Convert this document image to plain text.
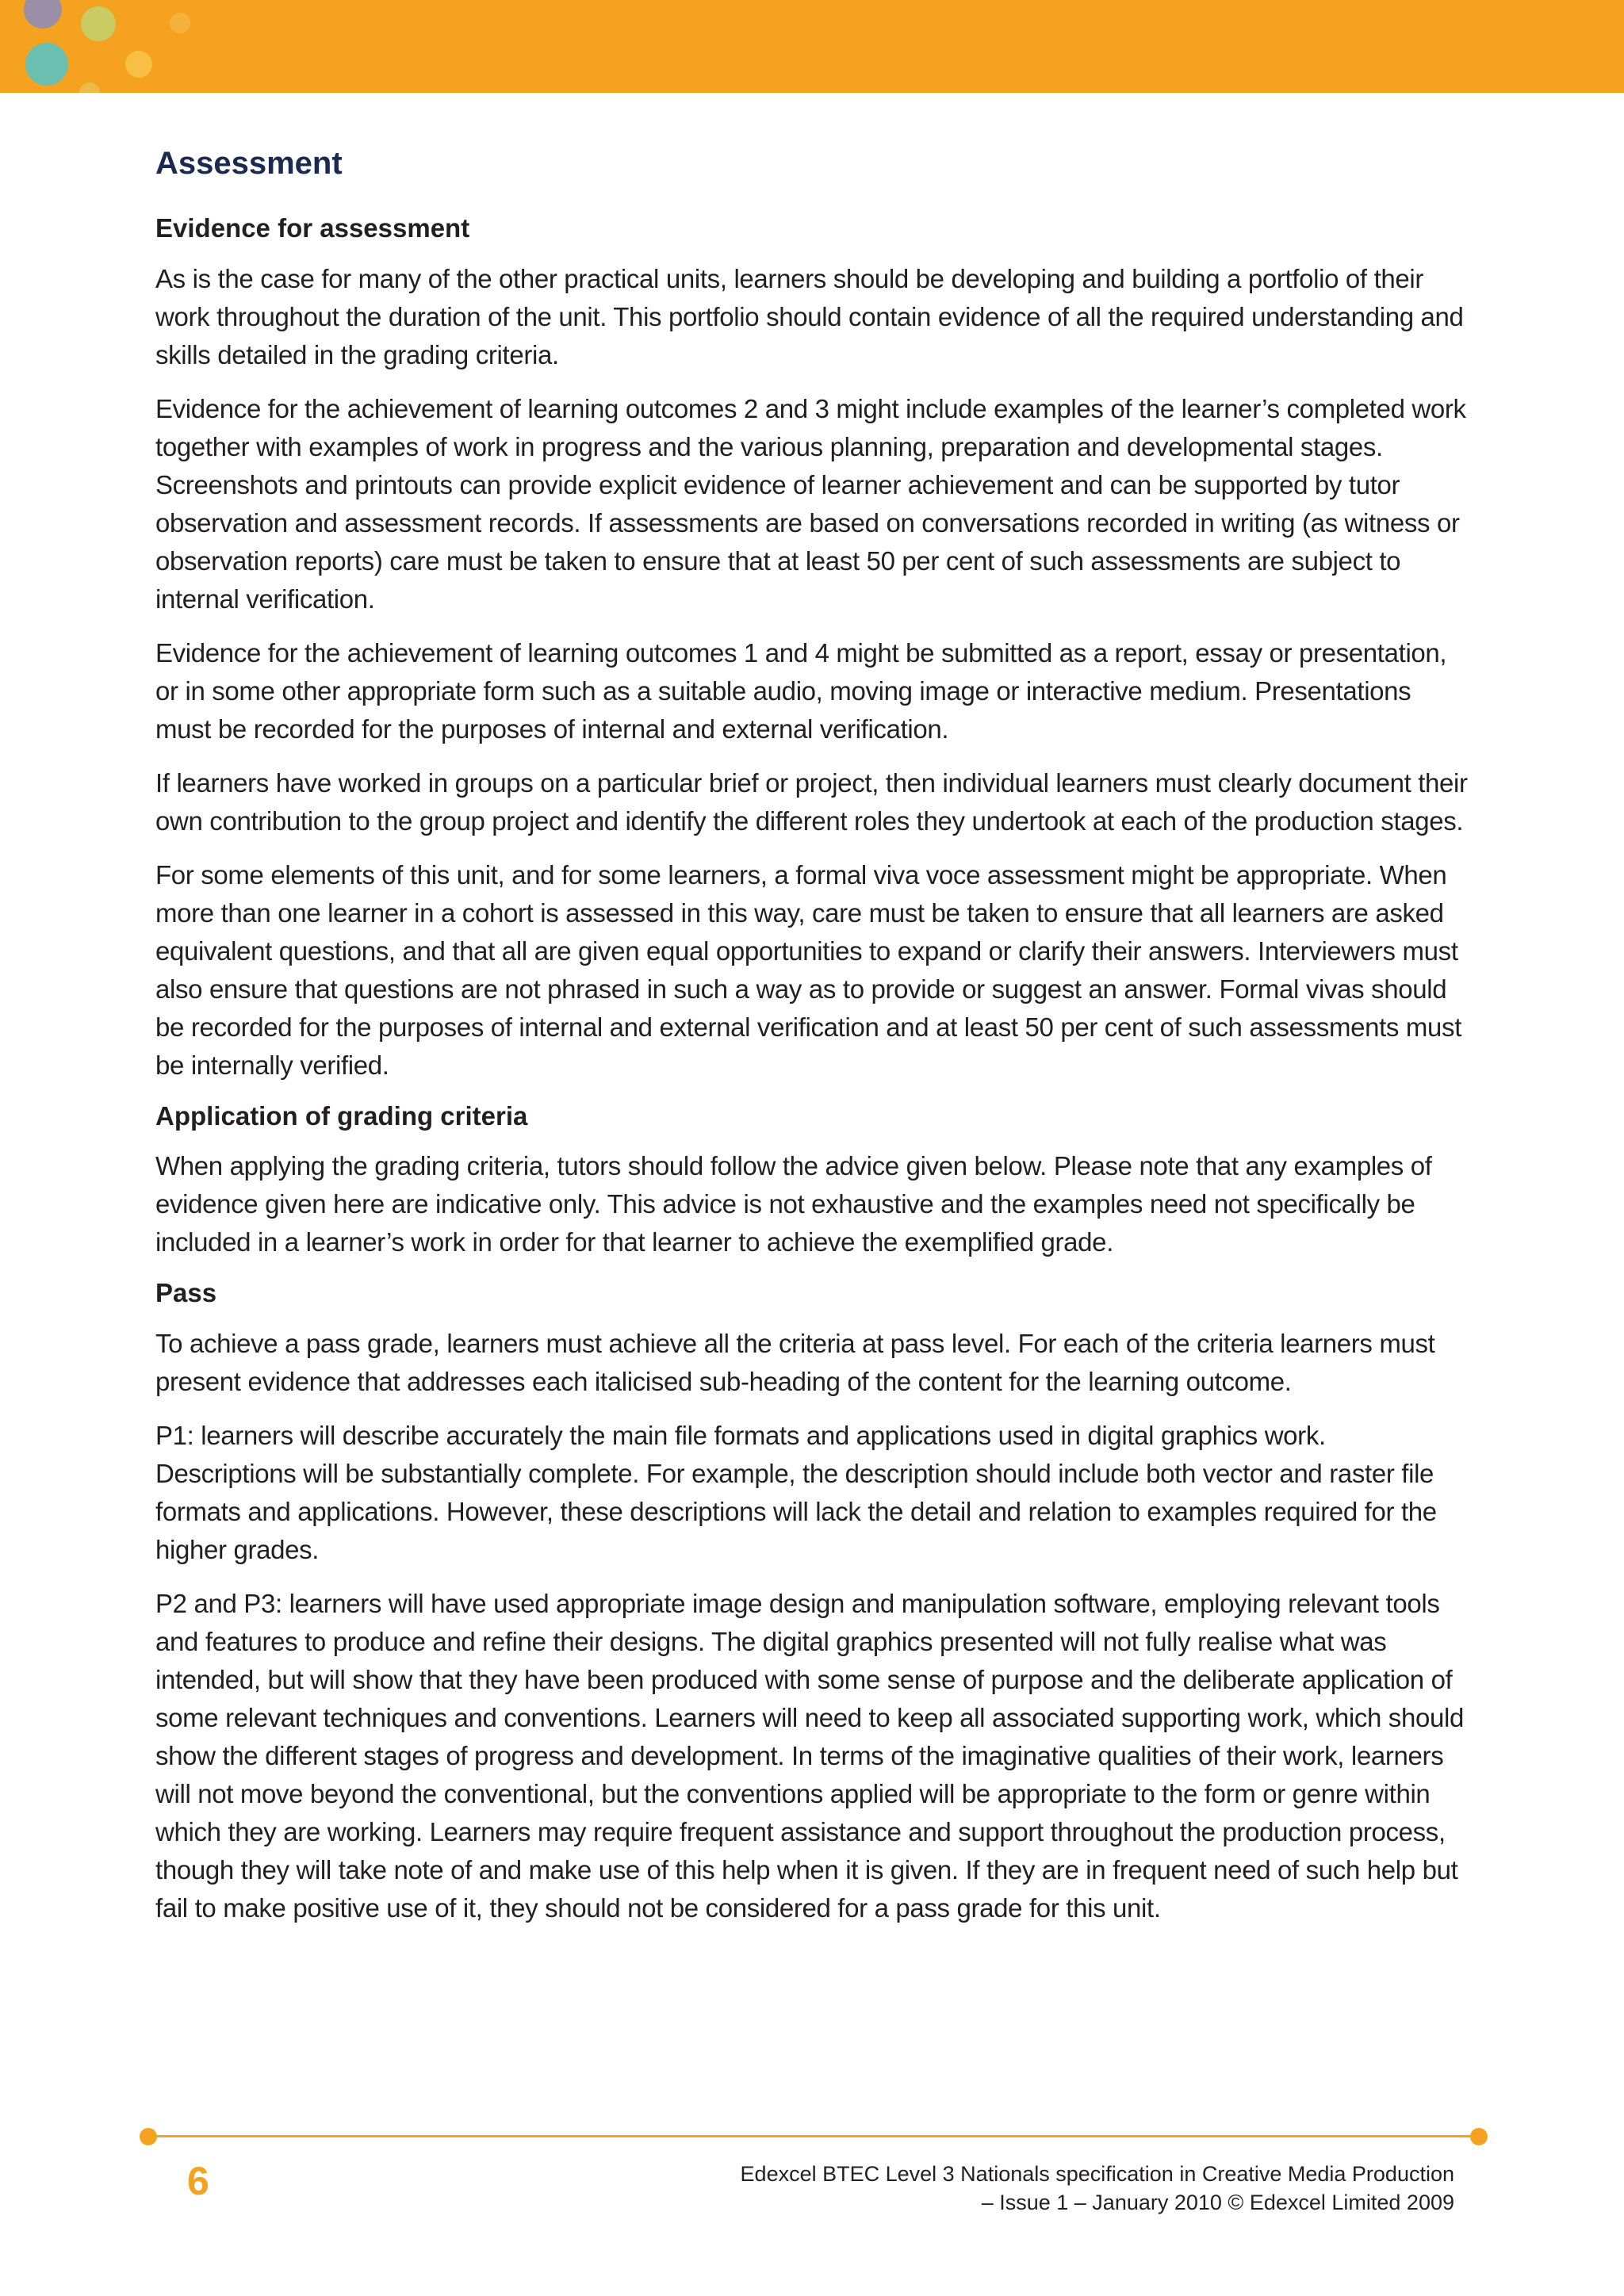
Assessment
Evidence for assessment

As is the case for many of the other practical units, learners should be developing and building a portfolio of their work throughout the duration of the unit. This portfolio should contain evidence of all the required understanding and skills detailed in the grading criteria.

Evidence for the achievement of learning outcomes 2 and 3 might include examples of the learner’s completed work together with examples of work in progress and the various planning, preparation and developmental stages. Screenshots and printouts can provide explicit evidence of learner achievement and can be supported by tutor observation and assessment records. If assessments are based on conversations recorded in writing (as witness or observation reports) care must be taken to ensure that at least 50 per cent of such assessments are subject to internal verification.

Evidence for the achievement of learning outcomes 1 and 4 might be submitted as a report, essay or presentation, or in some other appropriate form such as a suitable audio, moving image or interactive medium. Presentations must be recorded for the purposes of internal and external verification.

If learners have worked in groups on a particular brief or project, then individual learners must clearly document their own contribution to the group project and identify the different roles they undertook at each of the production stages.

For some elements of this unit, and for some learners, a formal viva voce assessment might be appropriate. When more than one learner in a cohort is assessed in this way, care must be taken to ensure that all learners are asked equivalent questions, and that all are given equal opportunities to expand or clarify their answers. Interviewers must also ensure that questions are not phrased in such a way as to provide or suggest an answer. Formal vivas should be recorded for the purposes of internal and external verification and at least 50 per cent of such assessments must be internally verified.

Application of grading criteria

When applying the grading criteria, tutors should follow the advice given below. Please note that any examples of evidence given here are indicative only. This advice is not exhaustive and the examples need not specifically be included in a learner’s work in order for that learner to achieve the exemplified grade.

Pass

To achieve a pass grade, learners must achieve all the criteria at pass level. For each of the criteria learners must present evidence that addresses each italicised sub-heading of the content for the learning outcome.

P1: learners will describe accurately the main file formats and applications used in digital graphics work. Descriptions will be substantially complete. For example, the description should include both vector and raster file formats and applications. However, these descriptions will lack the detail and relation to examples required for the higher grades.

P2 and P3: learners will have used appropriate image design and manipulation software, employing relevant tools and features to produce and refine their designs. The digital graphics presented will not fully realise what was intended, but will show that they have been produced with some sense of purpose and the deliberate application of some relevant techniques and conventions. Learners will need to keep all associated supporting work, which should show the different stages of progress and development. In terms of the imaginative qualities of their work, learners will not move beyond the conventional, but the conventions applied will be appropriate to the form or genre within which they are working. Learners may require frequent assistance and support throughout the production process, though they will take note of and make use of this help when it is given. If they are in frequent need of such help but fail to make positive use of it, they should not be considered for a pass grade for this unit.

6	Edexcel BTEC Level 3 Nationals specification in Creative Media Production
– Issue 1 – January 2010 © Edexcel Limited 2009
